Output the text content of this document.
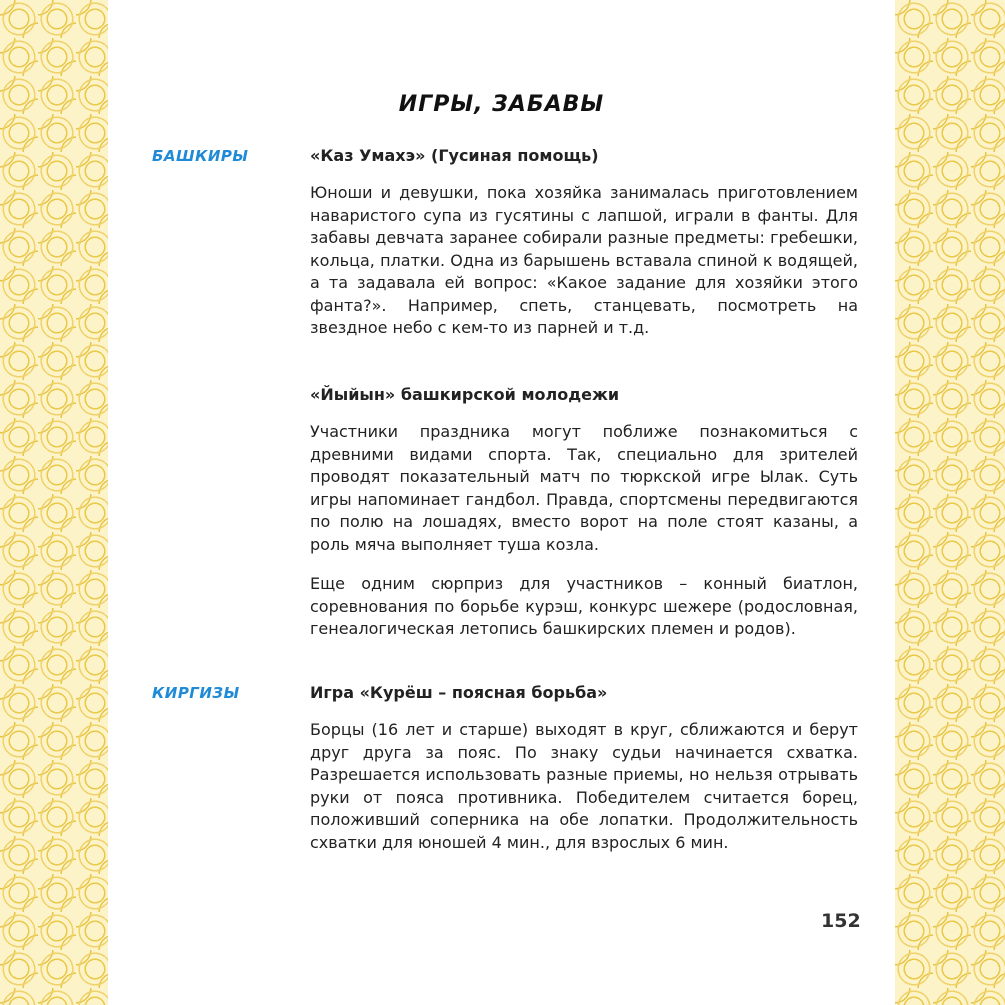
ИГРЫ, ЗАБАВЫ
БАШКИРЫ
КИРГИЗЫ
«Каз Умахэ» (Гусиная помощь)

Юноши и девушки, пока хозяйка занималась приготовлением наваристого супа из гусятины с лапшой, играли в фанты. Для забавы девчата заранее собирали разные предметы: гребешки, кольца, платки. Одна из барышень вставала спиной к водящей, а та задавала ей вопрос: «Какое задание для хозяйки этого фанта?». Например, спеть, станцевать, посмотреть на звездное небо с кем-то из парней и т.д.

«Йыйын» башкирской молодежи

Участники праздника могут поближе познакомиться с древними видами спорта. Так, специально для зрителей проводят показательный матч по тюркской игре Ылак. Суть игры напоминает гандбол. Правда, спортсмены передвигаются по полю на лошадях, вместо ворот на поле стоят казаны, а роль мяча выполняет туша козла.

Еще одним сюрприз для участников – конный биатлон, соревнования по борьбе курэш, конкурс шежере (родословная, генеалогическая летопись башкирских племен и родов).

Игра «Курёш – поясная борьба»

Борцы (16 лет и старше) выходят в круг, сближаются и берут друг друга за пояс. По знаку судьи начинается схватка. Разрешается использовать разные приемы, но нельзя отрывать руки от пояса противника. Победителем считается борец, положивший соперника на обе лопатки. Продолжительность схватки для юношей 4 мин., для взрослых 6 мин.

152
